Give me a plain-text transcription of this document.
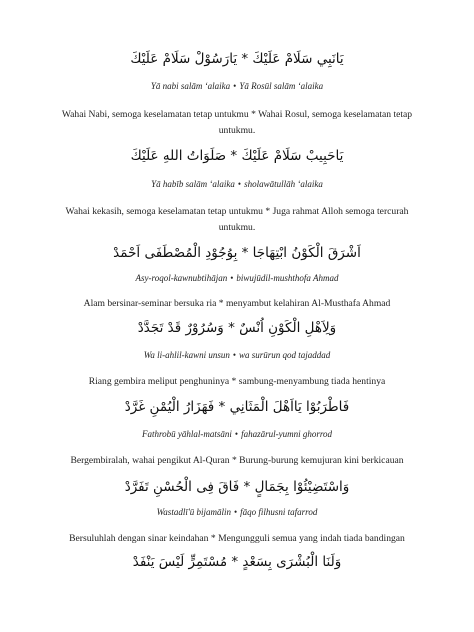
يَانَبِي سَلَامْ عَلَيْكَ * يَارَسُوْلْ سَلَامْ عَلَيْكَ
Yā nabi salām ‘alaika • Yā Rosūl salām ‘alaika
Wahai Nabi, semoga keselamatan tetap untukmu * Wahai Rosul, semoga keselamatan tetap untukmu.
يَاحَبِيبْ سَلَامْ عَلَيْكَ * صَلَوَاتُ اللهِ عَلَيْكَ
Yā habīb salām ‘alaika • sholawātullāh ‘alaika
Wahai kekasih, semoga keselamatan tetap untukmu * Juga rahmat Alloh semoga tercurah untukmu.
اَشْرَقَ الْكَوْنُ ابْتِهَاجَا * بِوُجُوْدِ الْمُصْطَفَى اَحْمَدْ
Asy-roqol-kawnubtihājan • biwujūdil-mushthofa Ahmad
Alam bersinar-seminar bersuka ria * menyambut kelahiran Al-Musthafa Ahmad
وَلِاَهْلِ الْكَوْنِ اُنْسٌ * وَسُرُوْرٌ قَدْ تَجَدَّدْ
Wa li-ahlil-kawni unsun • wa surūrun qod tajaddad
Riang gembira meliput penghuninya * sambung-menyambung tiada hentinya
فَاطْرَبُوْا يَااَهْلَ الْمَثَانِي * فَهَزَارُ الْيُمْنِ غَرَّدْ
Fathrobū yāhlal-matsāni • fahazārul-yumni ghorrod
Bergembiralah, wahai pengikut Al-Quran * Burung-burung kemujuran kini berkicauan
وَاسْتَضِيْئُوْا بِجَمَالٍ * فَاقَ فِى الْحُسْنِ تَفَرَّدْ
Wastadlī'ū bijamālin • fāqo filhusni tafarrod
Bersuluhlah dengan sinar keindahan * Mengungguli semua yang indah tiada bandingan
وَلَنَا الْبُشْرَى بِسَعْدٍ * مُسْتَمِرٍّ لَيْسَ يَنْفَدْ
